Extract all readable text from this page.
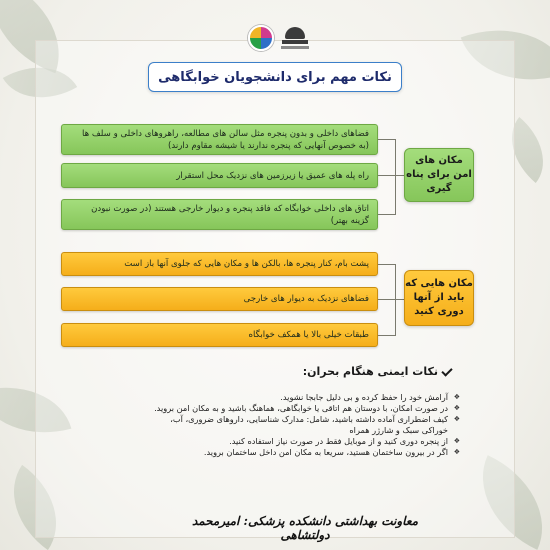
نکات مهم برای دانشجویان خوابگاهی
فضاهای داخلی و بدون پنجره مثل سالن های مطالعه، راهروهای داخلی و سلف ها (به خصوص آنهایی که پنجره ندارند یا شیشه مقاوم دارند)
راه پله های عمیق یا زیرزمین های نزدیک محل استقرار
اتاق های داخلی خوابگاه که فاقد پنجره و دیوار خارجی هستند (در صورت نبودن گزینه بهتر)
مکان های امن برای پناه گیری
پشت بام، کنار پنجره ها، بالکن ها و مکان هایی که جلوی آنها باز است
فضاهای نزدیک به دیوار های خارجی
طبقات خیلی بالا یا همکف خوابگاه
مکان هایی که باید از آنها دوری کنید
نکات ایمنی هنگام بحران:
❖ آرامش خود را حفظ کرده و بی دلیل جابجا نشوید.
❖ در صورت امکان، با دوستان هم اتاقی یا خوابگاهی، هماهنگ باشید و به مکان امن بروید.
❖ کیف اضطراری آماده داشته باشید، شامل: مدارک شناسایی، داروهای ضروری، آب، خوراکی سبک و شارژر همراه
❖ از پنجره دوری کنید و از موبایل فقط در صورت نیاز استفاده کنید.
❖ اگر در بیرون ساختمان هستید، سریعا به مکان امن داخل ساختمان بروید.
معاونت بهداشتی دانشکده پزشکی: امیرمحمد دولتشاهی
